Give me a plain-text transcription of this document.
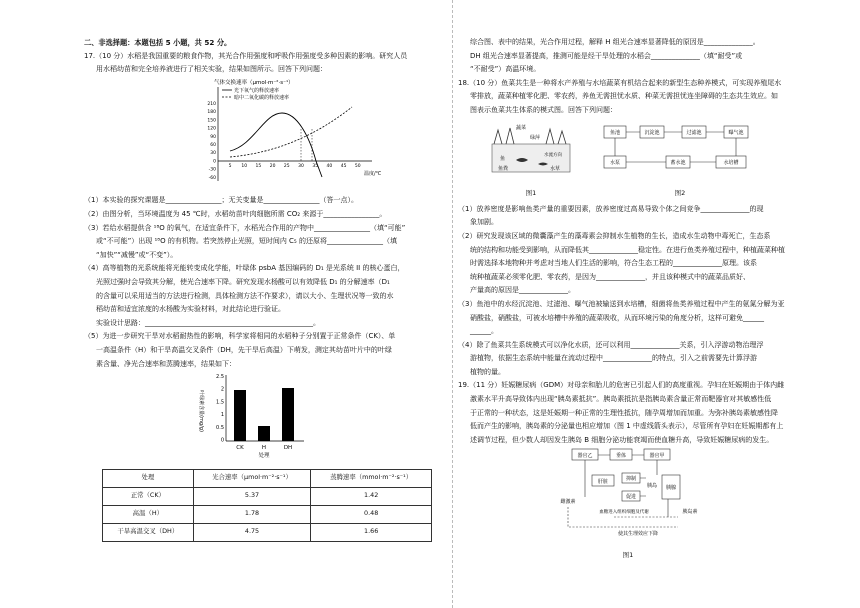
二、非选择题：本题包括 5 小题，共 52 分。

17.（10 分）水稻是我国重要的粮食作物，其光合作用强度和呼吸作用强度受多种因素的影响。研究人员

用水稻幼苗和完全培养液进行了相关实验，结果如图所示。回答下列问题：

气体交换速率（μmol·m⁻²·s⁻¹）
210
180
150
120
90
60
30
0
-30
-60
5 10 15 20 25 30 35 40 45 50
光下氧气的释放速率
暗中二氧化碳的释放速率
温度/℃

（1）本实验的探究课题是________________；无关变量是________________（答一点）。

（2）由图分析，当环境温度为 45 ℃时，水稻幼苗叶肉细胞所需 CO₂ 来源于________________。

（3）若给水稻提供含 ¹⁸O 的氧气，在适宜条件下，水稻光合作用的产物中________________（填“可能”

或“不可能”）出现 ¹⁸O 的有机物。若突然停止光照，短时间内 C₅ 的还原将________________（填

“加快”“减慢”或“不变”）。

（4）高等植物的光系统能将光能转变成化学能，叶绿体 psbA 基因编码的 D₁ 是光系统 II 的核心蛋白，

光照过强时会导致其分解，使光合速率下降。研究发现水杨酸可以有效降低 D₁ 的分解速率（D₁

的含量可以采用适当的方法进行检测，具体检测方法不作要求），请以大小、生理状况等一致的水

稻幼苗和适宜浓度的水杨酸为实验材料，对此结论进行验证。

实验设计思路：________________________________________________。

（5）为进一步研究干旱对水稻耐热性的影响，科学家将相同的水稻种子分别置于正常条件（CK）、单

一高温条件（H）和干旱高温交叉条件（DH，先干旱后高温）下萌发，测定其幼苗叶片中的叶绿

素含量、净光合速率和蒸腾速率，结果如下：

叶绿素含量(mg/g)
2.5
2
1.5
1
0.5
0
CK	H	DH
处理
处理	光合速率（μmol·m⁻²·s⁻¹）	蒸腾速率（mmol·m⁻²·s⁻¹）
正常（CK）	5.37	1.42
高温（H）	1.78	0.48
干旱高温交叉（DH）	4.75	1.66

综合图、表中的结果，光合作用过程，解释 H 组光合速率显著降低的原因是______________。

DH 组光合速率显著提高，推测可能是经干旱处理的水稻会______________（填“耐受”或

“不耐受”）高温环境。

18.（10 分）鱼菜共生是一种将水产养殖与水培蔬菜有机结合起来的新型生态种养模式，可实现养殖尾水

零排放，蔬菜种植零化肥、零农药，养鱼无需担忧水质、种菜无需担忧连坐障碍的生态共生效应。如

图表示鱼菜共生体系的模式图。回答下列问题：

蔬菜
绿萍
鱼
水流方向
鱼粪	水草
图1
鱼池	沉淀池	过滤池	曝气池
水泵	蓄水池	水培槽
图2

（1）放养密度是影响鱼类产量的重要因素，放养密度过高易导致个体之间竞争______________的现

象加剧。

（2）研究发现该区域的微囊藻产生的藻毒素会抑制水生植物的生长，造成水生动物中毒死亡，生态系

统的结构和功能受到影响，从而降低其______________稳定性。在进行鱼类养殖过程中，种植蔬菜种植

时需选择本地物种并考虑对当地人们生活的影响，符合生态工程的______________原理。该系

统种植蔬菜必须零化肥、零农药，是因为______________，并且该种模式中的蔬菜品质好、

产量高的原因是______________。

（3）鱼池中的水经沉淀池、过滤池、曝气池被输送到水培槽，细菌将鱼类养殖过程中产生的氨氮分解为亚

硝酸盐，硝酸盐，可被水培槽中养殖的蔬菜吸收，从而环境污染的角度分析，这样可避免______

______。

（4）除了鱼菜共生系统模式可以净化水质，还可以利用______________关系，引入浮游动物治理浮

游植物，依据生态系统中能量在流动过程中______________的特点，引入之前需要先计算浮游

植物的量。

19.（11 分）妊娠糖尿病（GDM）对母亲和胎儿的危害已引起人们的高度重视。孕妇在妊娠期由于体内雌

激素水平升高导致体内出现“胰岛素抵抗”。胰岛素抵抗是指胰岛素含量正常而靶器官对其敏感性低

于正常的一种状态，这是妊娠期一种正常的生理性抵抗，随孕周增加而加重。为弥补胰岛素敏感性降

低而产生的影响，胰岛素的分泌量也相应增加（图 1 中虚线箭头表示），尽管所有孕妇在妊娠期都有上

述调节过程，但少数人却因发生胰岛 B 细胞分泌功能衰竭而使血糖升高，导致妊娠糖尿病的发生。

器官乙	垂体	器官甲
肝脏	抑制
促进
胰岛 胰腺
雌激素
胰岛素
血糖进入组织细胞及代谢
使其生理效应下降
图1
